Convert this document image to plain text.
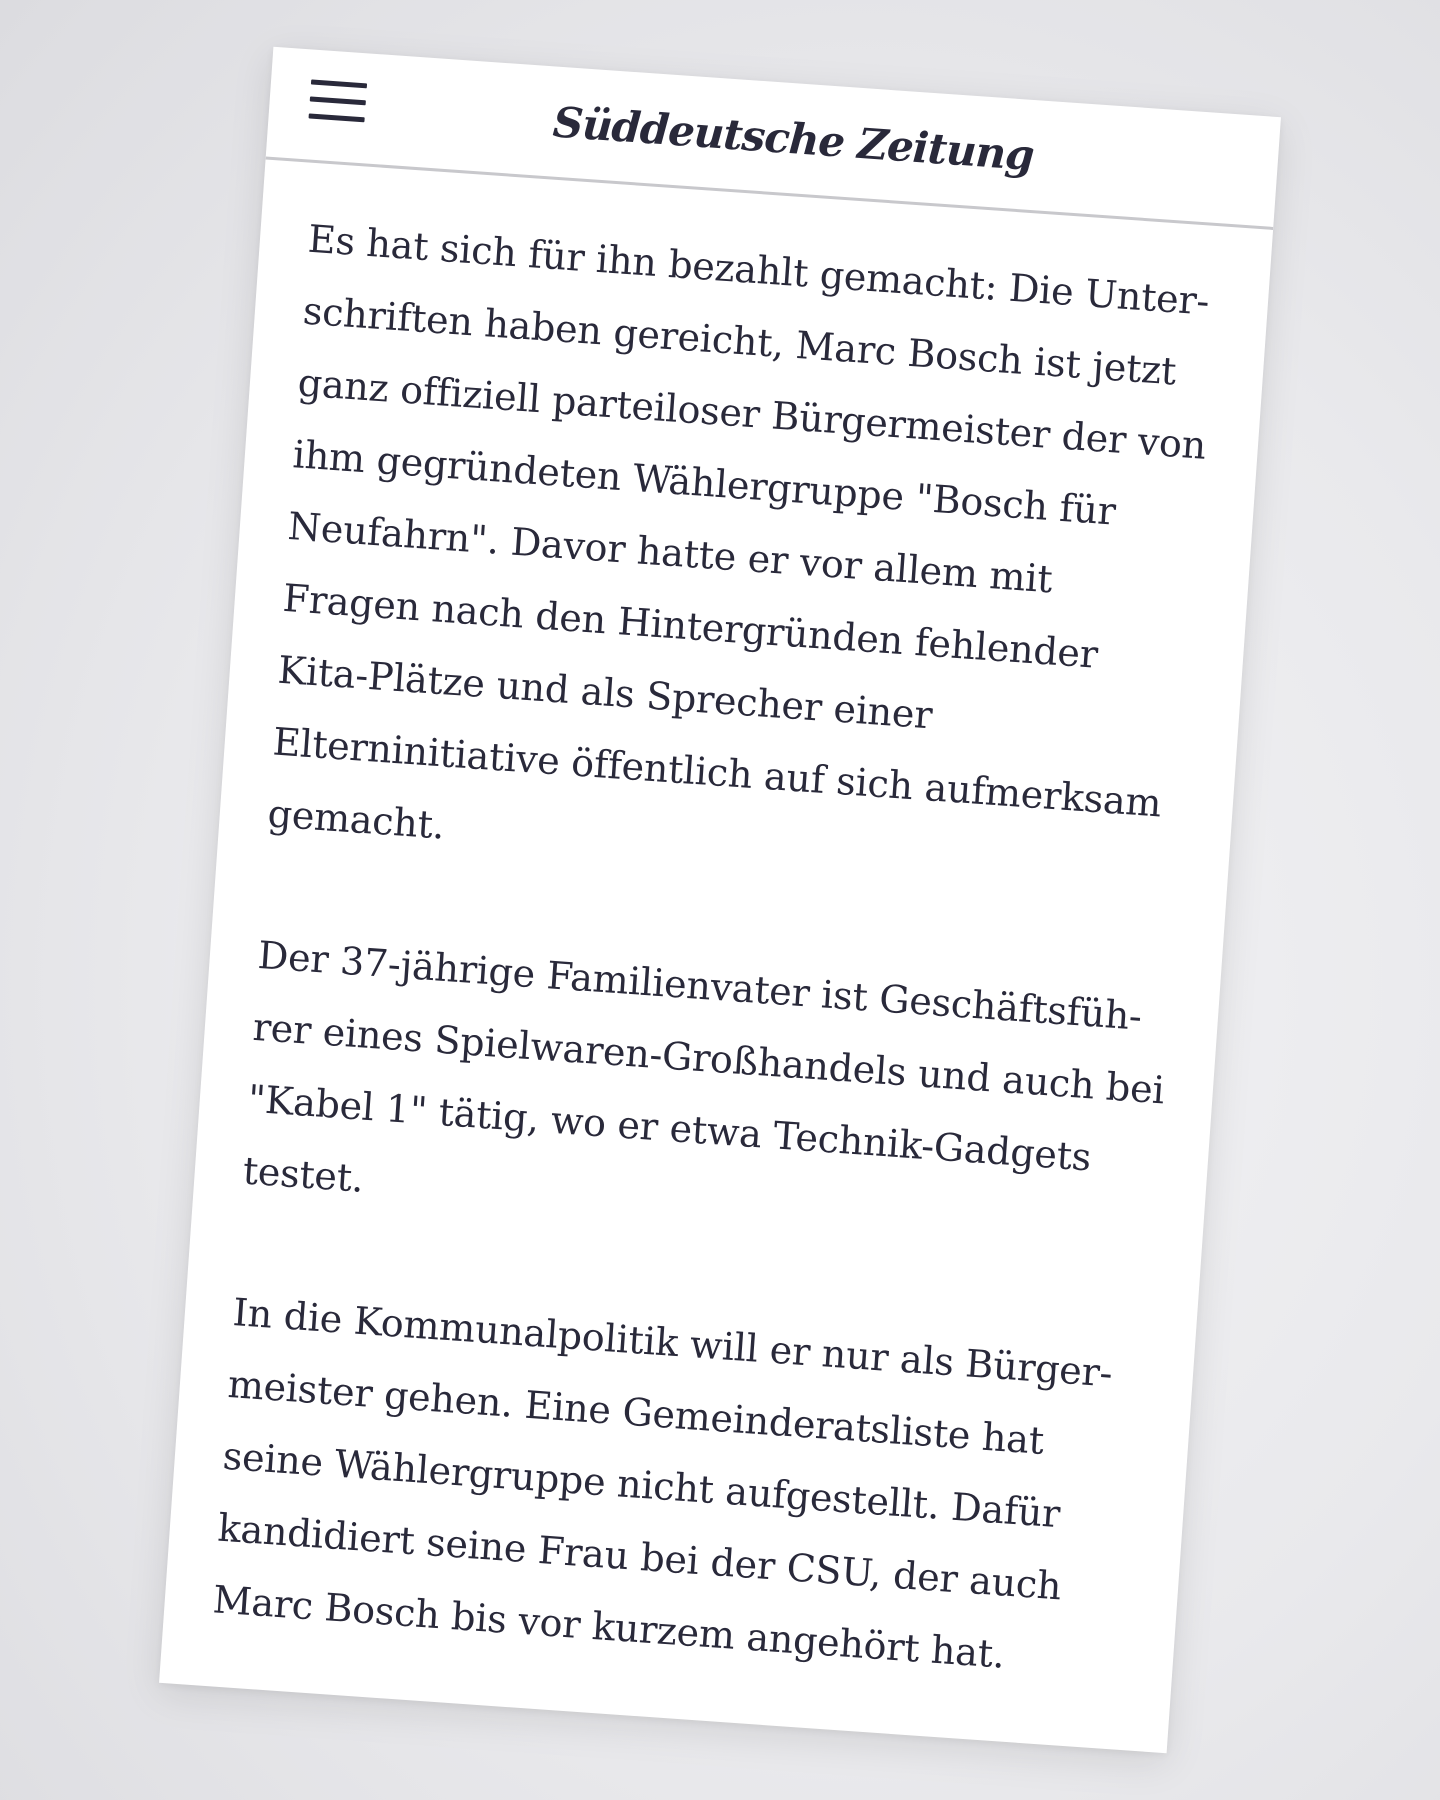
Süddeutsche Zeitung

Es hat sich für ihn bezahlt gemacht: Die Unterschriften haben gereicht, Marc Bosch ist jetzt ganz offiziell parteiloser Bürgermeister der von ihm gegründeten Wählergruppe "Bosch für Neufahrn". Davor hatte er vor allem mit Fragen nach den Hintergründen fehlender Kita-Plätze und als Sprecher einer Elterninitiative öffentlich auf sich aufmerksam gemacht.

Der 37-jährige Familienvater ist Geschäftsführer eines Spielwaren-Großhandels und auch bei "Kabel 1" tätig, wo er etwa Technik-Gadgets testet.

In die Kommunalpolitik will er nur als Bürgermeister gehen. Eine Gemeinderatsliste hat seine Wählergruppe nicht aufgestellt. Dafür kandidiert seine Frau bei der CSU, der auch Marc Bosch bis vor kurzem angehört hat.

© SZ vom 13.02.2020 / bg Feedback
